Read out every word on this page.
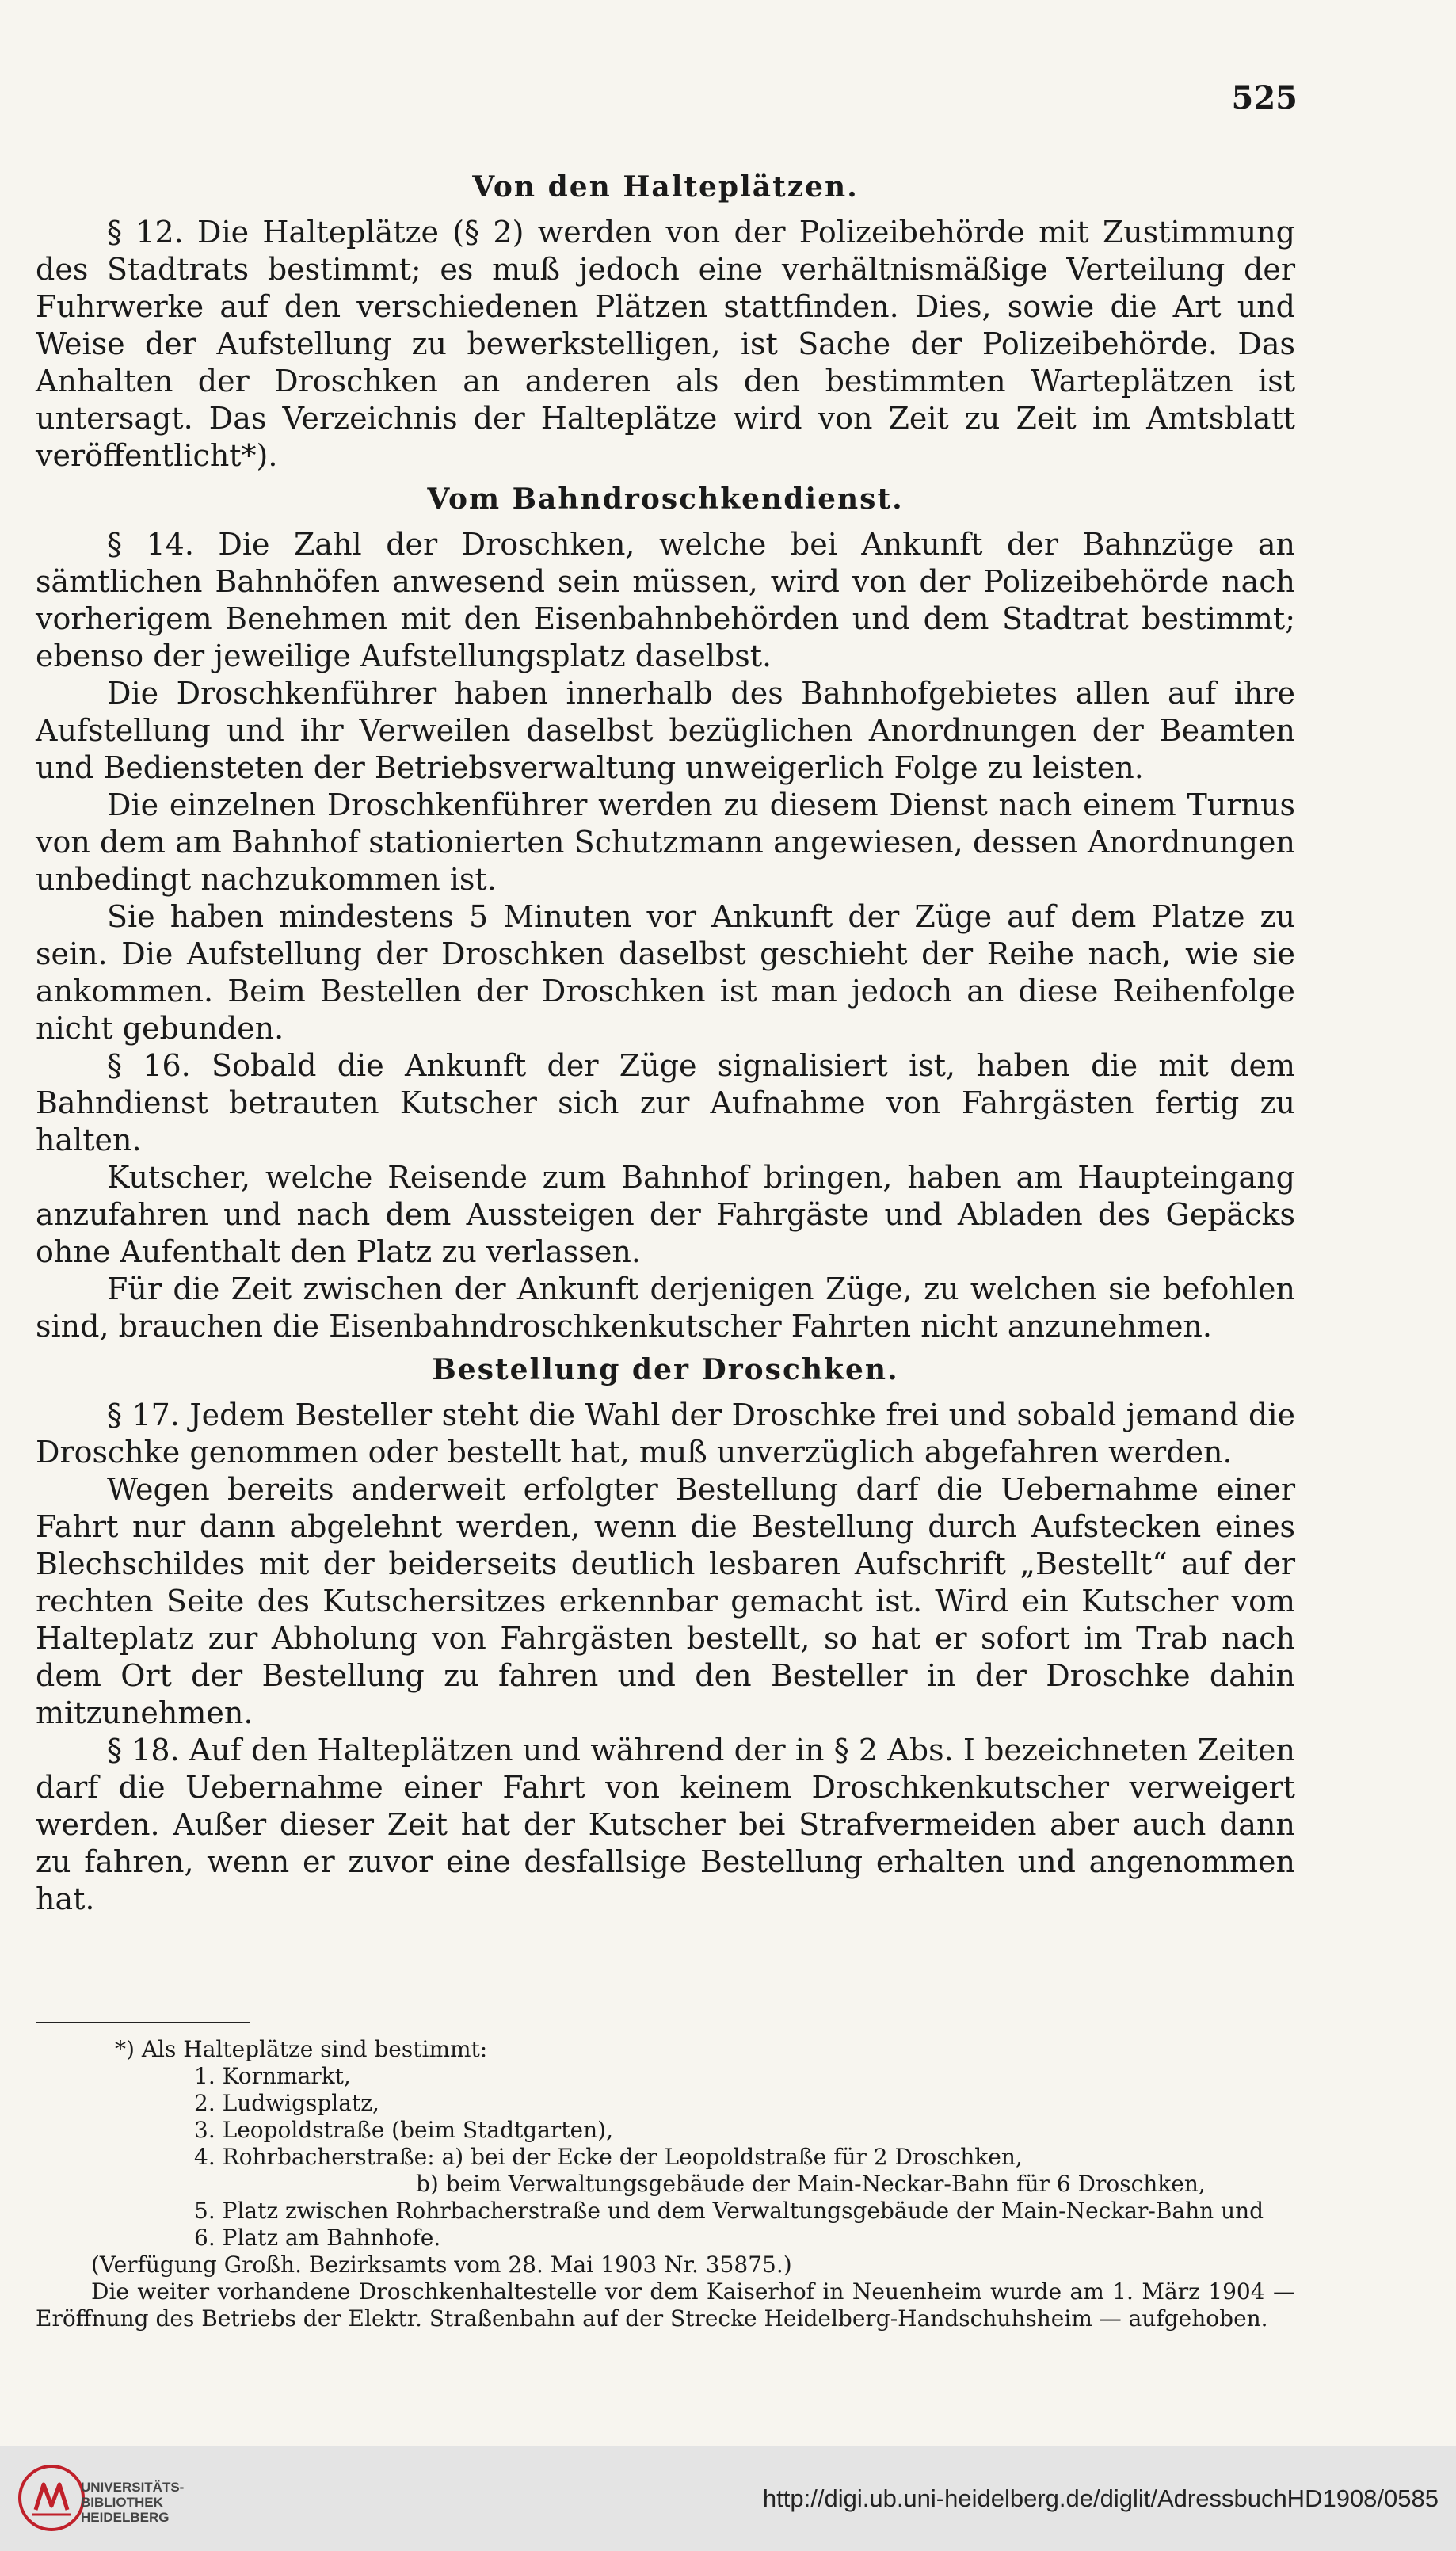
525
Von den Halteplätzen.

§ 12. Die Halteplätze (§ 2) werden von der Polizeibehörde mit Zustimmung des Stadtrats bestimmt; es muß jedoch eine verhältnismäßige Verteilung der Fuhrwerke auf den verschiedenen Plätzen stattfinden. Dies, sowie die Art und Weise der Aufstellung zu bewerkstelligen, ist Sache der Polizeibehörde. Das Anhalten der Droschken an anderen als den bestimmten Warteplätzen ist untersagt. Das Verzeichnis der Halteplätze wird von Zeit zu Zeit im Amtsblatt veröffentlicht*).

Vom Bahndroschkendienst.

§ 14. Die Zahl der Droschken, welche bei Ankunft der Bahnzüge an sämtlichen Bahnhöfen anwesend sein müssen, wird von der Polizeibehörde nach vorherigem Benehmen mit den Eisenbahnbehörden und dem Stadtrat bestimmt; ebenso der jeweilige Aufstellungsplatz daselbst.

Die Droschkenführer haben innerhalb des Bahnhofgebietes allen auf ihre Aufstellung und ihr Verweilen daselbst bezüglichen Anordnungen der Beamten und Bediensteten der Betriebsverwaltung unweigerlich Folge zu leisten.

Die einzelnen Droschkenführer werden zu diesem Dienst nach einem Turnus von dem am Bahnhof stationierten Schutzmann angewiesen, dessen Anordnungen unbedingt nachzukommen ist.

Sie haben mindestens 5 Minuten vor Ankunft der Züge auf dem Platze zu sein. Die Aufstellung der Droschken daselbst geschieht der Reihe nach, wie sie ankommen. Beim Bestellen der Droschken ist man jedoch an diese Reihenfolge nicht gebunden.

§ 16. Sobald die Ankunft der Züge signalisiert ist, haben die mit dem Bahndienst betrauten Kutscher sich zur Aufnahme von Fahrgästen fertig zu halten.

Kutscher, welche Reisende zum Bahnhof bringen, haben am Haupteingang anzufahren und nach dem Aussteigen der Fahrgäste und Abladen des Gepäcks ohne Aufenthalt den Platz zu verlassen.

Für die Zeit zwischen der Ankunft derjenigen Züge, zu welchen sie befohlen sind, brauchen die Eisenbahndroschkenkutscher Fahrten nicht anzunehmen.

Bestellung der Droschken.

§ 17. Jedem Besteller steht die Wahl der Droschke frei und sobald jemand die Droschke genommen oder bestellt hat, muß unverzüglich abgefahren werden.

Wegen bereits anderweit erfolgter Bestellung darf die Uebernahme einer Fahrt nur dann abgelehnt werden, wenn die Bestellung durch Aufstecken eines Blechschildes mit der beiderseits deutlich lesbaren Aufschrift „Bestellt“ auf der rechten Seite des Kutschersitzes erkennbar gemacht ist. Wird ein Kutscher vom Halteplatz zur Abholung von Fahrgästen bestellt, so hat er sofort im Trab nach dem Ort der Bestellung zu fahren und den Besteller in der Droschke dahin mitzunehmen.

§ 18. Auf den Halteplätzen und während der in § 2 Abs. I bezeichneten Zeiten darf die Uebernahme einer Fahrt von keinem Droschkenkutscher verweigert werden. Außer dieser Zeit hat der Kutscher bei Strafvermeiden aber auch dann zu fahren, wenn er zuvor eine desfallsige Bestellung erhalten und angenommen hat.

*) Als Halteplätze sind bestimmt:
1. Kornmarkt,
2. Ludwigsplatz,
3. Leopoldstraße (beim Stadtgarten),
4. Rohrbacherstraße: a) bei der Ecke der Leopoldstraße für 2 Droschken,
b) beim Verwaltungsgebäude der Main-Neckar-Bahn für 6 Droschken,
5. Platz zwischen Rohrbacherstraße und dem Verwaltungsgebäude der Main-Neckar-Bahn und
6. Platz am Bahnhofe.
(Verfügung Großh. Bezirksamts vom 28. Mai 1903 Nr. 35875.)
Die weiter vorhandene Droschkenhaltestelle vor dem Kaiserhof in Neuenheim wurde am 1. März 1904 — Eröffnung des Betriebs der Elektr. Straßenbahn auf der Strecke Heidelberg-Handschuhsheim — aufgehoben.
UNIVERSITÄTS-
BIBLIOTHEK
HEIDELBERG
http://digi.ub.uni-heidelberg.de/diglit/AdressbuchHD1908/0585
